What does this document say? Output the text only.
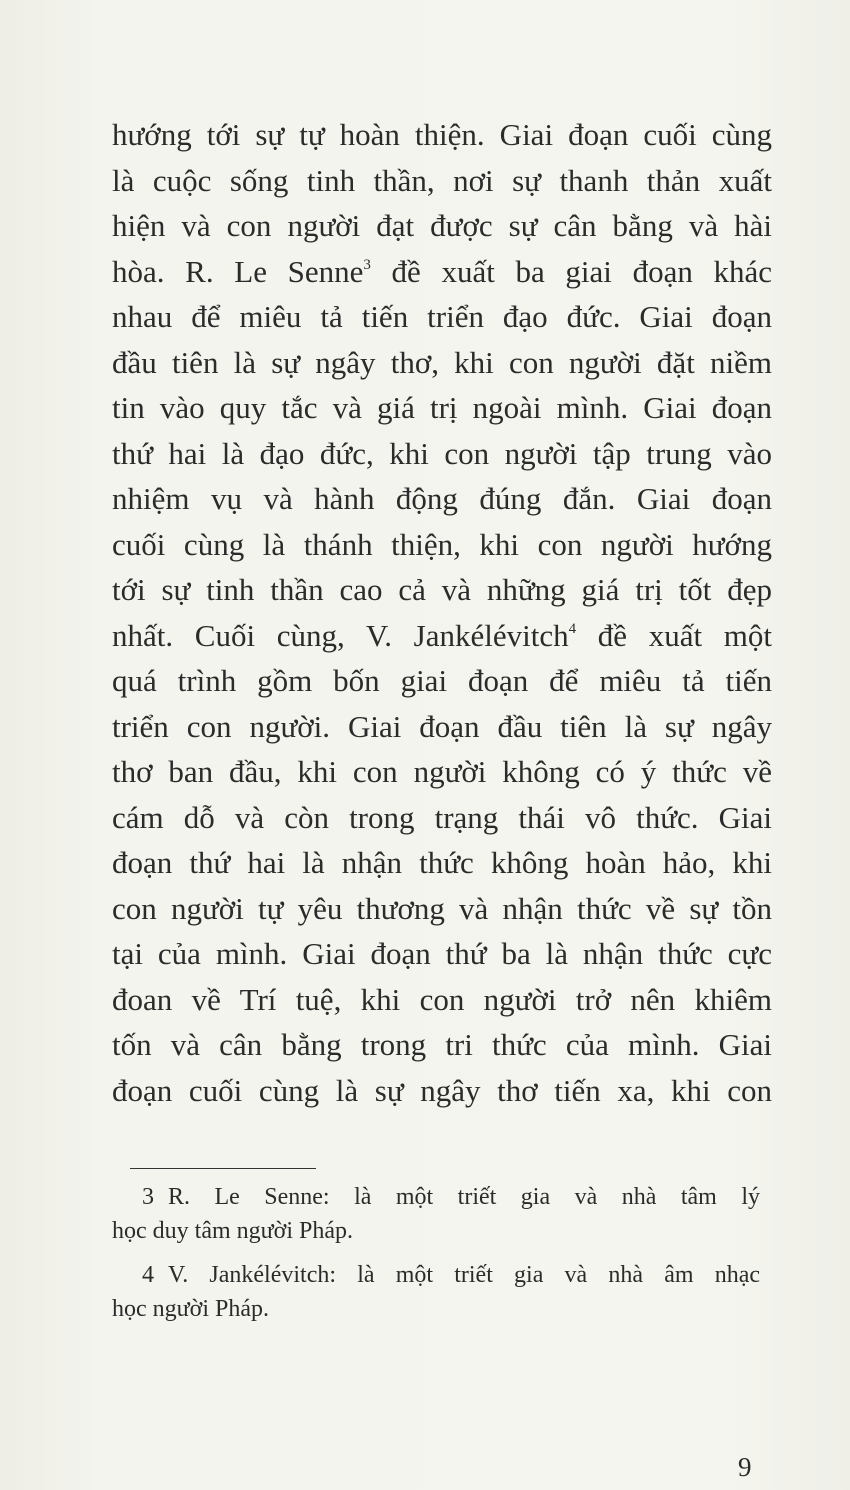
hướng tới sự tự hoàn thiện. Giai đoạn cuối cùng
là cuộc sống tinh thần, nơi sự thanh thản xuất
hiện và con người đạt được sự cân bằng và hài
hòa. R. Le Senne$^3$ đề xuất ba giai đoạn khác
nhau để miêu tả tiến triển đạo đức. Giai đoạn
đầu tiên là sự ngây thơ, khi con người đặt niềm
tin vào quy tắc và giá trị ngoài mình. Giai đoạn
thứ hai là đạo đức, khi con người tập trung vào
nhiệm vụ và hành động đúng đắn. Giai đoạn
cuối cùng là thánh thiện, khi con người hướng
tới sự tinh thần cao cả và những giá trị tốt đẹp
nhất. Cuối cùng, V. Jankélévitch$^4$ đề xuất một
quá trình gồm bốn giai đoạn để miêu tả tiến
triển con người. Giai đoạn đầu tiên là sự ngây
thơ ban đầu, khi con người không có ý thức về
cám dỗ và còn trong trạng thái vô thức. Giai
đoạn thứ hai là nhận thức không hoàn hảo, khi
con người tự yêu thương và nhận thức về sự tồn
tại của mình. Giai đoạn thứ ba là nhận thức cực
đoan về Trí tuệ, khi con người trở nên khiêm
tốn và cân bằng trong tri thức của mình. Giai
đoạn cuối cùng là sự ngây thơ tiến xa, khi con

3 R. Le Senne: là một triết gia và nhà tâm lý
học duy tâm người Pháp.

4 V. Jankélévitch: là một triết gia và nhà âm nhạc
học người Pháp.

9
